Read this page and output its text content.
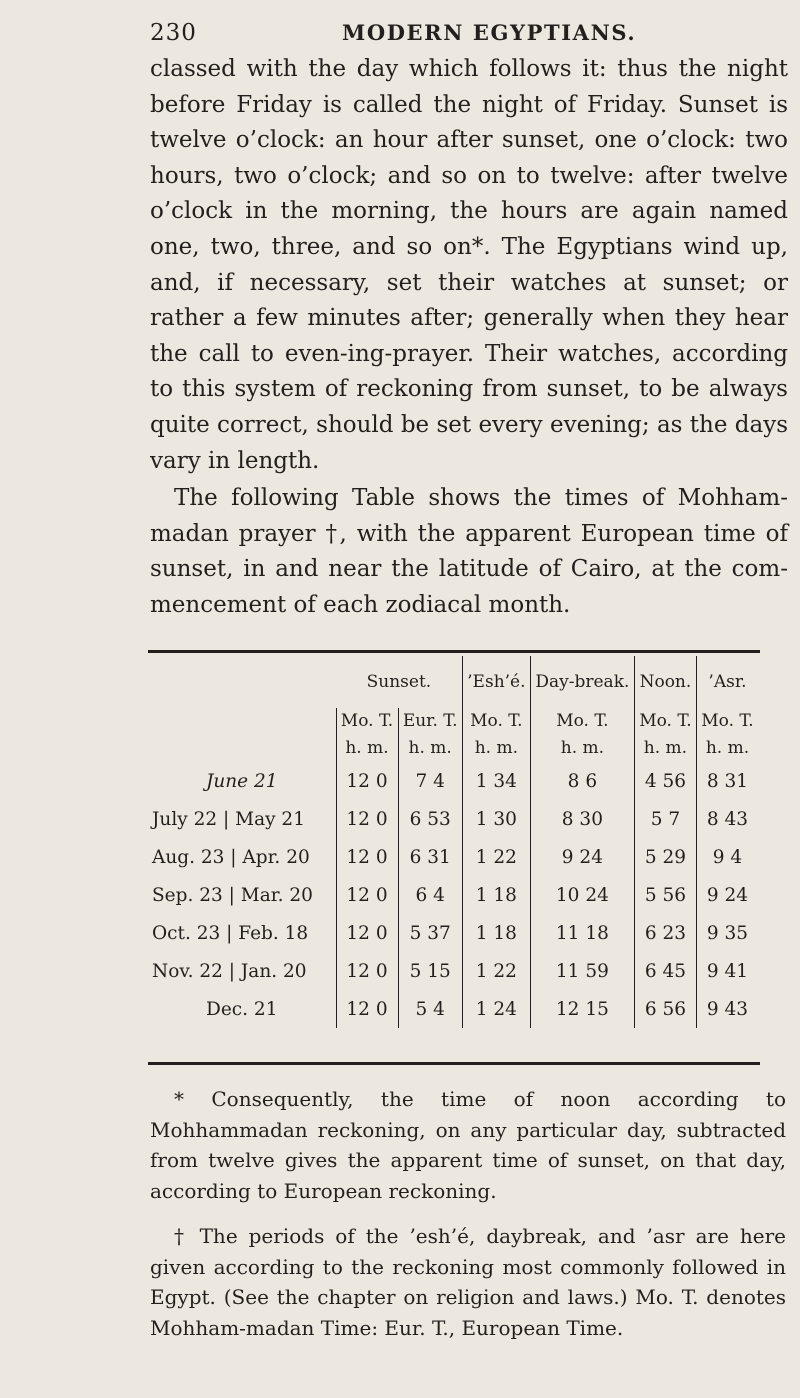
230	MODERN EGYPTIANS.

classed with the day which follows it: thus the night before Friday is called the night of Friday. Sunset is twelve o’clock: an hour after sunset, one o’clock: two hours, two o’clock; and so on to twelve: after twelve o’clock in the morning, the hours are again named one, two, three, and so on*. The Egyptians wind up, and, if necessary, set their watches at sunset; or rather a few minutes after; generally when they hear the call to even-ing-prayer. Their watches, according to this system of reckoning from sunset, to be always quite correct, should be set every evening; as the days vary in length.

The following Table shows the times of Mohham-madan prayer †, with the apparent European time of sunset, in and near the latitude of Cairo, at the com-mencement of each zodiacal month.

	Sunset.		’Esh’é.	Day-break.	Noon.	’Asr.
	Mo. T.	Eur. T.	Mo. T.	Mo. T.	Mo. T.	Mo. T.
	h. m.	h. m.	h. m.	h. m.	h. m.	h. m.
June 21	12 0	7 4	1 34	8 6	4 56	8 31
July 22 | May 21	12 0	6 53	1 30	8 30	5 7	8 43
Aug. 23 | Apr. 20	12 0	6 31	1 22	9 24	5 29	9 4
Sep. 23 | Mar. 20	12 0	6 4	1 18	10 24	5 56	9 24
Oct. 23 | Feb. 18	12 0	5 37	1 18	11 18	6 23	9 35
Nov. 22 | Jan. 20	12 0	5 15	1 22	11 59	6 45	9 41
Dec. 21	12 0	5 4	1 24	12 15	6 56	9 43

* Consequently, the time of noon according to Mohhammadan reckoning, on any particular day, subtracted from twelve gives the apparent time of sunset, on that day, according to European reckoning.

† The periods of the ’esh’é, daybreak, and ’asr are here given according to the reckoning most commonly followed in Egypt. (See the chapter on religion and laws.) Mo. T. denotes Mohham-madan Time: Eur. T., European Time.
